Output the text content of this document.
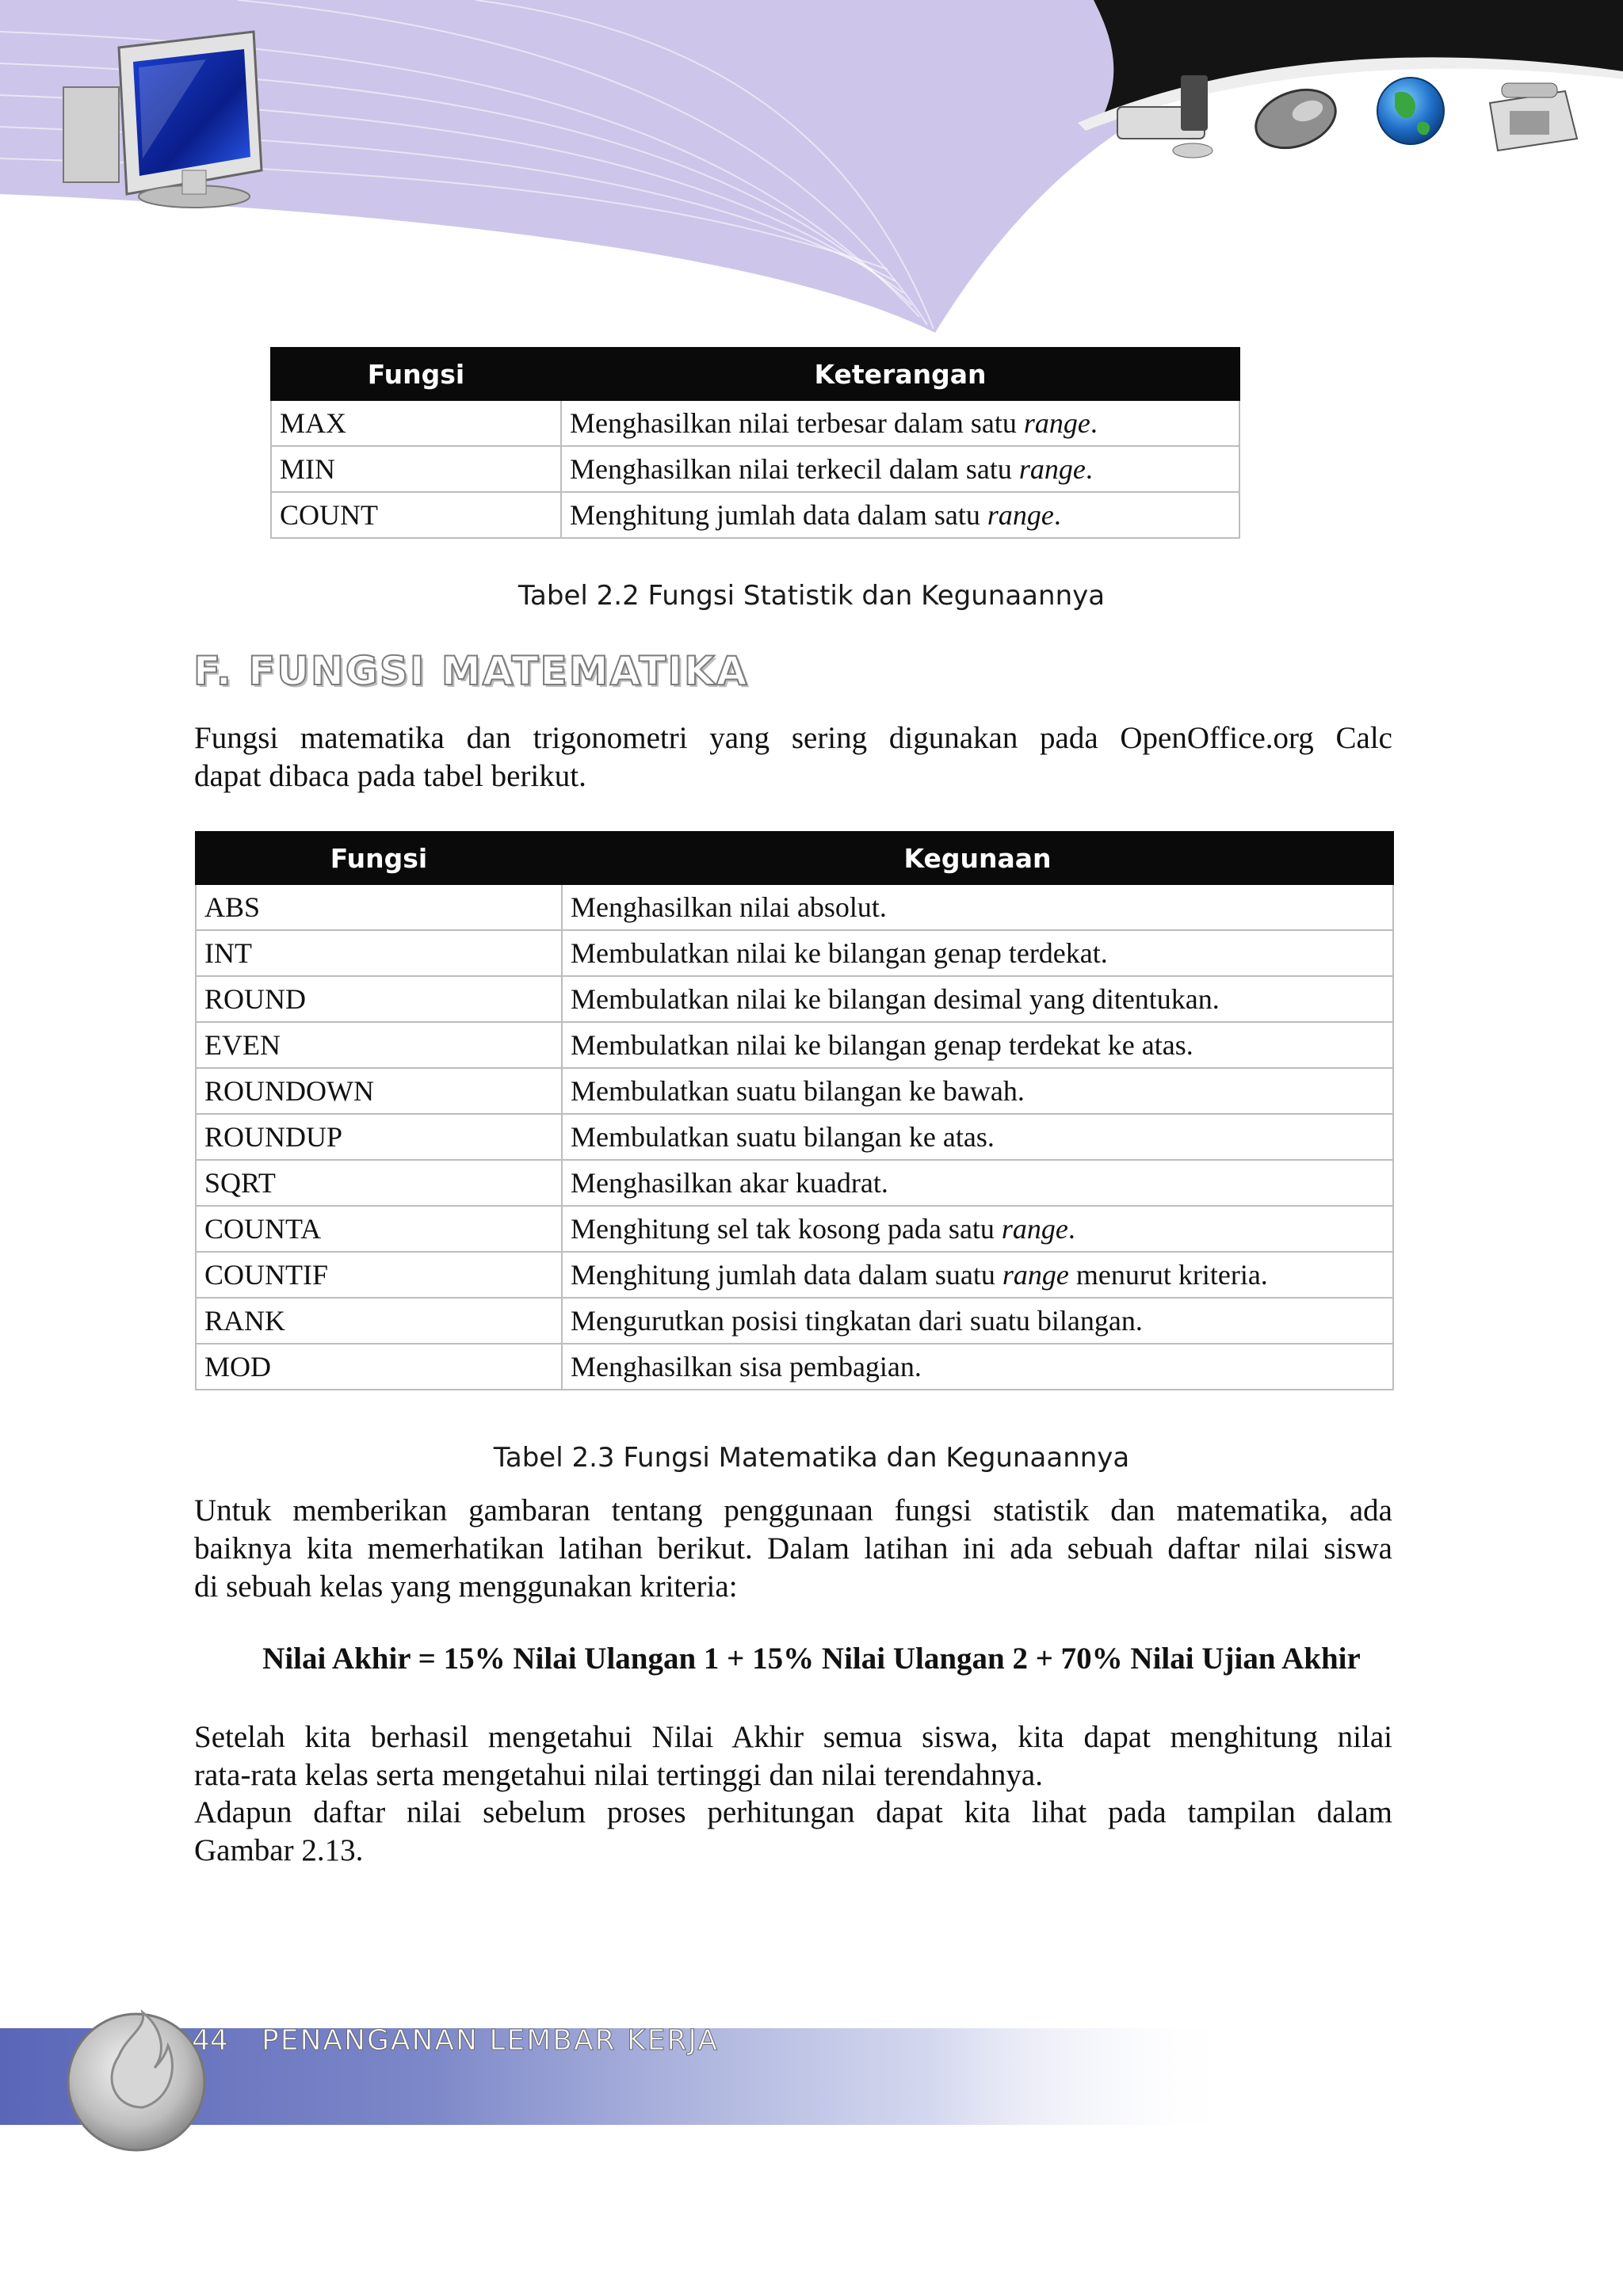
Fungsi	Keterangan
MAX	Menghasilkan nilai terbesar dalam satu range.
MIN	Menghasilkan nilai terkecil dalam satu range.
COUNT	Menghitung jumlah data dalam satu range.
Tabel 2.2 Fungsi Statistik dan Kegunaannya
F. FUNGSI MATEMATIKA

Fungsi matematika dan trigonometri yang sering digunakan pada OpenOffice.org Calc
dapat dibaca pada tabel berikut.

Fungsi	Kegunaan
ABS	Menghasilkan nilai absolut.
INT	Membulatkan nilai ke bilangan genap terdekat.
ROUND	Membulatkan nilai ke bilangan desimal yang ditentukan.
EVEN	Membulatkan nilai ke bilangan genap terdekat ke atas.
ROUNDOWN	Membulatkan suatu bilangan ke bawah.
ROUNDUP	Membulatkan suatu bilangan ke atas.
SQRT	Menghasilkan akar kuadrat.
COUNTA	Menghitung sel tak kosong pada satu range.
COUNTIF	Menghitung jumlah data dalam suatu range menurut kriteria.
RANK	Mengurutkan posisi tingkatan dari suatu bilangan.
MOD	Menghasilkan sisa pembagian.
Tabel 2.3 Fungsi Matematika dan Kegunaannya

Untuk memberikan gambaran tentang penggunaan fungsi statistik dan matematika, ada
baiknya kita memerhatikan latihan berikut. Dalam latihan ini ada sebuah daftar nilai siswa
di sebuah kelas yang menggunakan kriteria:

Nilai Akhir = 15% Nilai Ulangan 1 + 15% Nilai Ulangan 2 + 70% Nilai Ujian Akhir

Setelah kita berhasil mengetahui Nilai Akhir semua siswa, kita dapat menghitung nilai
rata-rata kelas serta mengetahui nilai tertinggi dan nilai terendahnya.

Adapun daftar nilai sebelum proses perhitungan dapat kita lihat pada tampilan dalam
Gambar 2.13.

44 PENANGANAN LEMBAR KERJA
